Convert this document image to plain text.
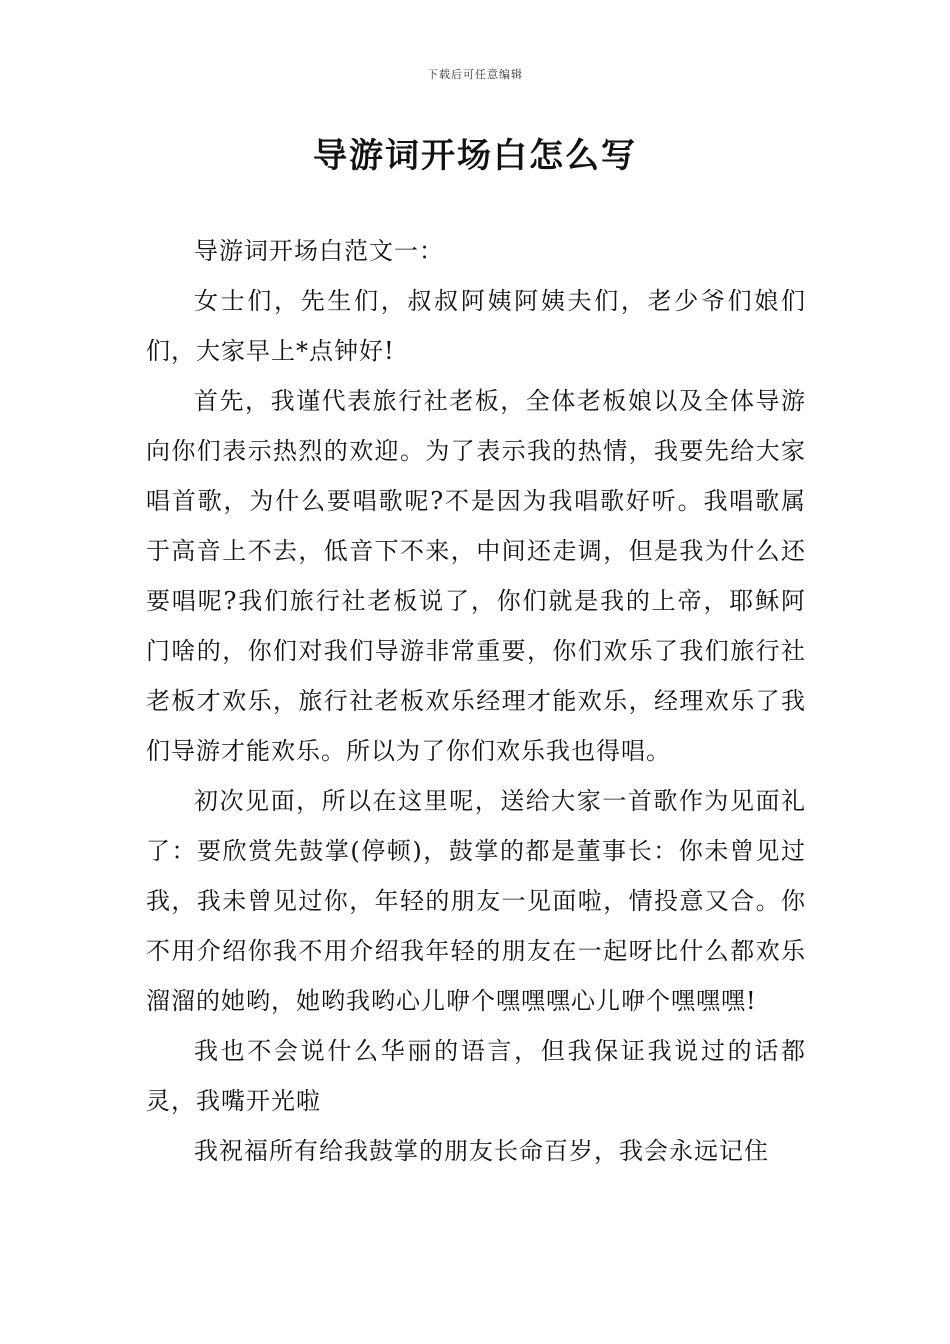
下载后可任意编辑
导游词开场白怎么写

导游词开场白范文一：

女士们，先生们，叔叔阿姨阿姨夫们，老少爷们娘们们，大家早上*点钟好!

首先，我谨代表旅行社老板，全体老板娘以及全体导游向你们表示热烈的欢迎。为了表示我的热情，我要先给大家唱首歌，为什么要唱歌呢?不是因为我唱歌好听。我唱歌属于高音上不去，低音下不来，中间还走调，但是我为什么还要唱呢?我们旅行社老板说了，你们就是我的上帝，耶稣阿门啥的，你们对我们导游非常重要，你们欢乐了我们旅行社老板才欢乐，旅行社老板欢乐经理才能欢乐，经理欢乐了我们导游才能欢乐。所以为了你们欢乐我也得唱。

初次见面，所以在这里呢，送给大家一首歌作为见面礼了：要欣赏先鼓掌(停顿)，鼓掌的都是董事长：你未曾见过我，我未曾见过你，年轻的朋友一见面啦，情投意又合。你不用介绍你我不用介绍我年轻的朋友在一起呀比什么都欢乐溜溜的她哟，她哟我哟心儿咿个嘿嘿嘿心儿咿个嘿嘿嘿!

我也不会说什么华丽的语言，但我保证我说过的话都灵，我嘴开光啦

我祝福所有给我鼓掌的朋友长命百岁，我会永远记住
